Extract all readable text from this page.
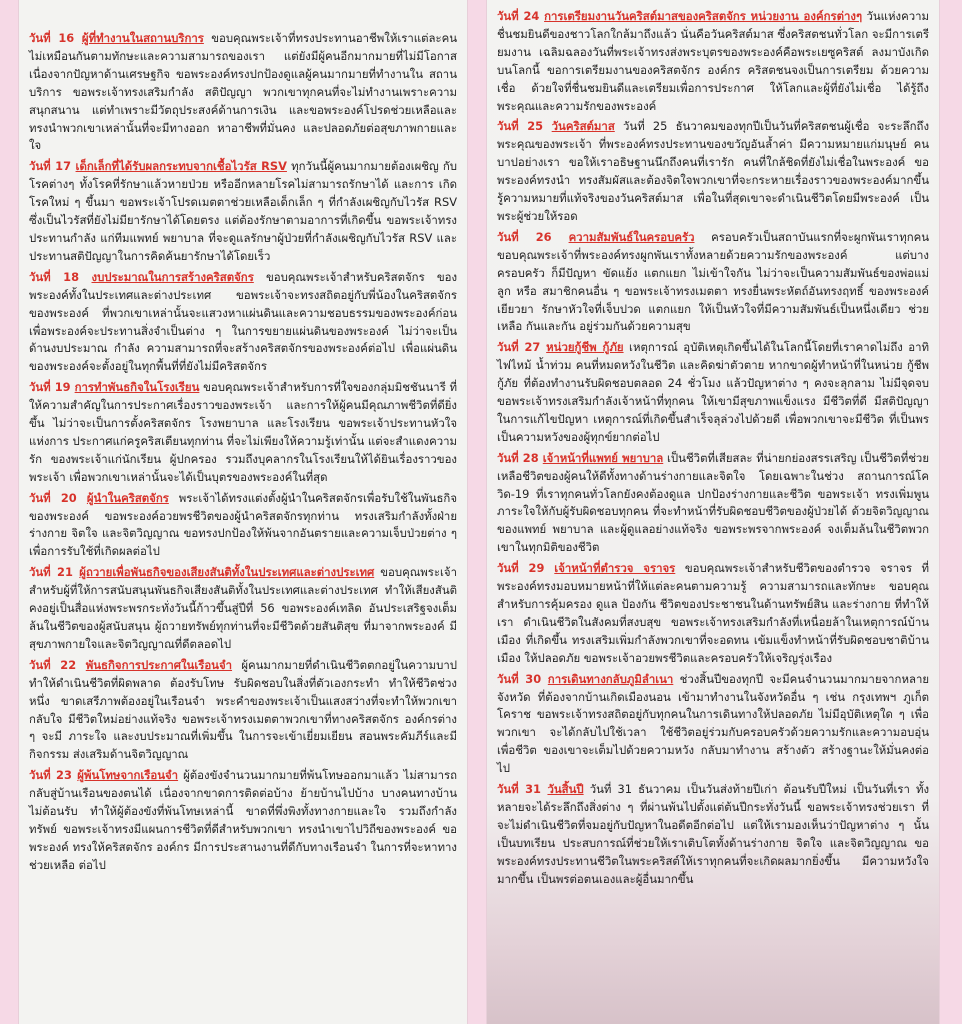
วันที่ 16 ผู้ที่ทำงานในสถานบริการ ขอบคุณพระเจ้าที่ทรงประทานอาชีพให้เราแต่ละคน ไม่เหมือนกันตามทักษะและความสามารถของเรา แต่ยังมีผู้คนอีกมากมายที่ไม่มีโอกาส เนื่องจากปัญหาด้านเศรษฐกิจ ขอพระองค์ทรงปกป้องดูแลผู้คนมากมายที่ทำงานใน สถานบริการ ขอพระเจ้าทรงเสริมกำลัง สติปัญญา พวกเขาทุกคนที่จะไม่ทำงานเพราะความ สนุกสนาน แต่ทำเพราะมีวัตถุประสงค์ด้านการเงิน และขอพระองค์โปรดช่วยเหลือและ ทรงนำพวกเขาเหล่านั้นที่จะมีทางออก หาอาชีพที่มั่นคง และปลอดภัยต่อสุขภาพกายและใจ

วันที่ 17 เด็กเล็กที่ได้รับผลกระทบจากเชื้อไวรัส RSV ทุกวันนี้ผู้คนมากมายต้องเผชิญ กับโรคต่างๆ ทั้งโรคที่รักษาแล้วหายป่วย หรืออีกหลายโรคไม่สามารถรักษาได้ และการ เกิดโรคใหม่ ๆ ขึ้นมา ขอพระเจ้าโปรดเมตตาช่วยเหลือเด็กเล็ก ๆ ที่กำลังเผชิญกับไวรัส RSV ซึ่งเป็นไวรัสที่ยังไม่มียารักษาได้โดยตรง แต่ต้องรักษาตามอาการที่เกิดขึ้น ขอพระเจ้าทรง ประทานกำลัง แก่ทีมแพทย์ พยาบาล ที่จะดูแลรักษาผู้ป่วยที่กำลังเผชิญกับไวรัส RSV และประทานสติปัญญาในการคิดค้นยารักษาได้โดยเร็ว

วันที่ 18 งบประมาณในการสร้างคริสตจักร ขอบคุณพระเจ้าสำหรับคริสตจักร ของพระองค์ทั้งในประเทศและต่างประเทศ ขอพระเจ้าจะทรงสถิตอยู่กับพี่น้องในคริสตจักร ของพระองค์ ที่พวกเขาเหล่านั้นจะแสวงหาแผ่นดินและความชอบธรรมของพระองค์ก่อน เพื่อพระองค์จะประทานสิ่งจำเป็นต่าง ๆ ในการขยายแผ่นดินของพระองค์ ไม่ว่าจะเป็น ด้านงบประมาณ กำลัง ความสามารถที่จะสร้างคริสตจักรของพระองค์ต่อไป เพื่อแผ่นดิน ของพระองค์จะตั้งอยู่ในทุกพื้นที่ที่ยังไม่มีคริสตจักร

วันที่ 19 การทำพันธกิจในโรงเรียน ขอบคุณพระเจ้าสำหรับการที่ใจของกลุ่มมิชชันนารี ที่ให้ความสำคัญในการประกาศเรื่องราวของพระเจ้า และการให้ผู้คนมีคุณภาพชีวิตที่ดียิ่งขึ้น ไม่ว่าจะเป็นการตั้งคริสตจักร โรงพยาบาล และโรงเรียน ขอพระเจ้าประทานหัวใจแห่งการ ประกาศแก่ครูคริสเตียนทุกท่าน ที่จะไม่เพียงให้ความรู้เท่านั้น แต่จะสำแดงความรัก ของพระเจ้าแก่นักเรียน ผู้ปกครอง รวมถึงบุคลากรในโรงเรียนให้ได้ยินเรื่องราวของพระเจ้า เพื่อพวกเขาเหล่านั้นจะได้เป็นบุตรของพระองค์ในที่สุด

วันที่ 20 ผู้นำในคริสตจักร พระเจ้าได้ทรงแต่งตั้งผู้นำในคริสตจักรเพื่อรับใช้ในพันธกิจ ของพระองค์ ขอพระองค์อวยพรชีวิตของผู้นำคริสตจักรทุกท่าน ทรงเสริมกำลังทั้งฝ่าย ร่างกาย จิตใจ และจิตวิญญาณ ขอทรงปกป้องให้พ้นจากอันตรายและความเจ็บป่วยต่าง ๆ เพื่อการรับใช้ที่เกิดผลต่อไป

วันที่ 21 ผู้ถวายเพื่อพันธกิจของเสียงสันติทั้งในประเทศและต่างประเทศ ขอบคุณพระเจ้าสำหรับผู้ที่ให้การสนับสนุนพันธกิจเสียงสันติทั้งในประเทศและต่างประเทศ ทำให้เสียงสันติคงอยู่เป็นสื่อแห่งพระพรกระทั่งวันนี้ก้าวขึ้นสู่ปีที่ 56 ขอพระองค์เทลิด อันประเสริฐจงเต็มล้นในชีวิตของผู้สนับสนุน ผู้ถวายทรัพย์ทุกท่านที่จะมีชีวิตด้วยสันติสุข ที่มาจากพระองค์ มีสุขภาพกายใจและจิตวิญญาณที่ดีตลอดไป

วันที่ 22 พันธกิจการประกาศในเรือนจำ ผู้คนมากมายที่ดำเนินชีวิตตกอยู่ในความบาป ทำให้ดำเนินชีวิตที่ผิดพลาด ต้องรับโทษ รับผิดชอบในสิ่งที่ตัวเองกระทำ ทำให้ชีวิตช่วงหนึ่ง ขาดเสรีภาพต้องอยู่ในเรือนจำ พระคำของพระเจ้าเป็นแสงสว่างที่จะทำให้พวกเขากลับใจ มีชีวิตใหม่อย่างแท้จริง ขอพระเจ้าทรงเมตตาพวกเขาที่ทางคริสตจักร องค์กรต่าง ๆ จะมี ภาระใจ และงบประมาณที่เพิ่มขึ้น ในการจะเข้าเยี่ยมเยียน สอนพระคัมภีร์และมีกิจกรรม ส่งเสริมด้านจิตวิญญาณ

วันที่ 23 ผู้พ้นโทษจากเรือนจำ ผู้ต้องขังจำนวนมากมายที่พ้นโทษออกมาแล้ว ไม่สามารถ กลับสู่บ้านเรือนของตนได้ เนื่องจากขาดการติดต่อบ้าง ย้ายบ้านไปบ้าง บางคนทางบ้าน ไม่ต้อนรับ ทำให้ผู้ต้องขังที่พ้นโทษเหล่านี้ ขาดที่พึ่งพิงทั้งทางกายและใจ รวมถึงกำลังทรัพย์ ขอพระเจ้าทรงมีแผนการชีวิตที่ดีสำหรับพวกเขา ทรงนำเขาไปวิถีของพระองค์ ขอพระองค์ ทรงให้คริสตจักร องค์กร มีการประสานงานที่ดีกับทางเรือนจำ ในการที่จะหาทางช่วยเหลือ ต่อไป

วันที่ 24 การเตรียมงานวันคริสต์มาสของคริสตจักร หน่วยงาน องค์กรต่างๆ วันแห่งความชื่นชมยินดีของชาวโลกใกล้มาถึงแล้ว นั่นคือวันคริสต์มาส ซึ่งคริสตชนทั่วโลก จะมีการเตรียมงาน เฉลิมฉลองวันที่พระเจ้าทรงส่งพระบุตรของพระองค์คือพระเยซูคริสต์ ลงมาบังเกิดบนโลกนี้ ขอการเตรียมงานของคริสตจักร องค์กร คริสตชนจงเป็นการเตรียม ด้วยความเชื่อ ด้วยใจที่ชื่นชมยินดีและเตรียมเพื่อการประกาศ ให้โลกและผู้ที่ยังไม่เชื่อ ได้รู้ถึงพระคุณและความรักของพระองค์

วันที่ 25 วันคริสต์มาส วันที่ 25 ธันวาคมของทุกปีเป็นวันที่คริสตชนผู้เชื่อ จะระลึกถึง พระคุณของพระเจ้า ที่พระองค์ทรงประทานของขวัญอันล้ำค่า มีความหมายแก่มนุษย์ คนบาปอย่างเรา ขอให้เราอธิษฐานนึกถึงคนที่เรารัก คนที่ใกล้ชิดที่ยังไม่เชื่อในพระองค์ ขอพระองค์ทรงนำ ทรงสัมผัสและต้องจิตใจพวกเขาที่จะกระหายเรื่องราวของพระองค์มากขึ้น รู้ความหมายที่แท้จริงของวันคริสต์มาส เพื่อในที่สุดเขาจะดำเนินชีวิตโดยมีพระองค์ เป็นพระผู้ช่วยให้รอด

วันที่ 26 ความสัมพันธ์ในครอบครัว ครอบครัวเป็นสถาบันแรกที่จะผูกพันเราทุกคน ขอบคุณพระเจ้าที่พระองค์ทรงผูกพันเราทั้งหลายด้วยความรักของพระองค์ แต่บางครอบครัว ก็มีปัญหา ขัดแย้ง แตกแยก ไม่เข้าใจกัน ไม่ว่าจะเป็นความสัมพันธ์ของพ่อแม่ ลูก หรือ สมาชิกคนอื่น ๆ ขอพระเจ้าทรงเมตตา ทรงยื่นพระหัตถ์อันทรงฤทธิ์ ของพระองค์เยียวยา รักษาหัวใจที่เจ็บปวด แตกแยก ให้เป็นหัวใจที่มีความสัมพันธ์เป็นหนึ่งเดียว ช่วยเหลือ กันและกัน อยู่ร่วมกันด้วยความสุข

วันที่ 27 หน่วยกู้ชีพ กู้ภัย เหตุการณ์ อุบัติเหตุเกิดขึ้นได้ในโลกนี้โดยที่เราคาดไม่ถึง อาทิ ไฟไหม้ น้ำท่วม คนที่หมดหวังในชีวิต และคิดฆ่าตัวตาย หากขาดผู้ทำหน้าที่ในหน่วย กู้ชีพ กู้ภัย ที่ต้องทำงานรับผิดชอบตลอด 24 ชั่วโมง แล้วปัญหาต่าง ๆ คงจะลุกลาม ไม่มีจุดจบ ขอพระเจ้าทรงเสริมกำลังเจ้าหน้าที่ทุกคน ให้เขามีสุขภาพแข็งแรง มีชีวิตที่ดี มีสติปัญญาในการแก้ไขปัญหา เหตุการณ์ที่เกิดขึ้นสำเร็จลุล่วงไปด้วยดี เพื่อพวกเขาจะมีชีวิต ที่เป็นพร เป็นความหวังของผู้ทุกข์ยากต่อไป

วันที่ 28 เจ้าหน้าที่แพทย์ พยาบาล เป็นชีวิตที่เสียสละ ที่น่ายกย่องสรรเสริญ เป็นชีวิตที่ช่วยเหลือชีวิตของผู้คนให้ดีทั้งทางด้านร่างกายและจิตใจ โดยเฉพาะในช่วง สถานการณ์โควิด-19 ที่เราทุกคนทั่วโลกยังคงต้องดูแล ปกป้องร่างกายและชีวิต ขอพระเจ้า ทรงเพิ่มพูนภาระใจให้กับผู้รับผิดชอบทุกคน ที่จะทำหน้าที่รับผิดชอบชีวิตของผู้ป่วยได้ ด้วยจิตวิญญาณของแพทย์ พยาบาล และผู้ดูแลอย่างแท้จริง ขอพระพรจากพระองค์ จงเต็มล้นในชีวิตพวกเขาในทุกมิติของชีวิต

วันที่ 29 เจ้าหน้าที่ตำรวจ จราจร ขอบคุณพระเจ้าสำหรับชีวิตของตำรวจ จราจร ที่พระองค์ทรงมอบหมายหน้าที่ให้แต่ละคนตามความรู้ ความสามารถและทักษะ ขอบคุณ สำหรับการคุ้มครอง ดูแล ป้องกัน ชีวิตของประชาชนในด้านทรัพย์สิน และร่างกาย ที่ทำให้เรา ดำเนินชีวิตในสังคมที่สงบสุข ขอพระเจ้าทรงเสริมกำลังที่เหนื่อยล้าในเหตุการณ์บ้านเมือง ที่เกิดขึ้น ทรงเสริมเพิ่มกำลังพวกเขาที่จะอดทน เข้มแข็งทำหน้าที่รับผิดชอบชาติบ้านเมือง ให้ปลอดภัย ขอพระเจ้าอวยพรชีวิตและครอบครัวให้เจริญรุ่งเรือง

วันที่ 30 การเดินทางกลับภูมิลำเนา ช่วงสิ้นปีของทุกปี จะมีคนจำนวนมากมายจากหลายจังหวัด ที่ต้องจากบ้านเกิดเมืองนอน เข้ามาทำงานในจังหวัดอื่น ๆ เช่น กรุงเทพฯ ภูเก็ต โคราช ขอพระเจ้าทรงสถิตอยู่กับทุกคนในการเดินทางให้ปลอดภัย ไม่มีอุบัติเหตุใด ๆ เพื่อพวกเขา จะได้กลับไปใช้เวลา ใช้ชีวิตอยู่ร่วมกับครอบครัวด้วยความรักและความอบอุ่น เพื่อชีวิต ของเขาจะเต็มไปด้วยความหวัง กลับมาทำงาน สร้างตัว สร้างฐานะให้มั่นคงต่อไป

วันที่ 31 วันสิ้นปี วันที่ 31 ธันวาคม เป็นวันส่งท้ายปีเก่า ต้อนรับปีใหม่ เป็นวันที่เรา ทั้งหลายจะได้ระลึกถึงสิ่งต่าง ๆ ที่ผ่านพ้นไปตั้งแต่ต้นปีกระทั่งวันนี้ ขอพระเจ้าทรงช่วยเรา ที่จะไม่ดำเนินชีวิตที่จมอยู่กับปัญหาในอดีตอีกต่อไป แต่ให้เรามองเห็นว่าปัญหาต่าง ๆ นั้นเป็นบทเรียน ประสบการณ์ที่ช่วยให้เราเติบโตทั้งด้านร่างกาย จิตใจ และจิตวิญญาณ ขอพระองค์ทรงประทานชีวิตในพระคริสต์ให้เราทุกคนที่จะเกิดผลมากยิ่งขึ้น มีความหวังใจ มากขึ้น เป็นพรต่อตนเองและผู้อื่นมากขึ้น
